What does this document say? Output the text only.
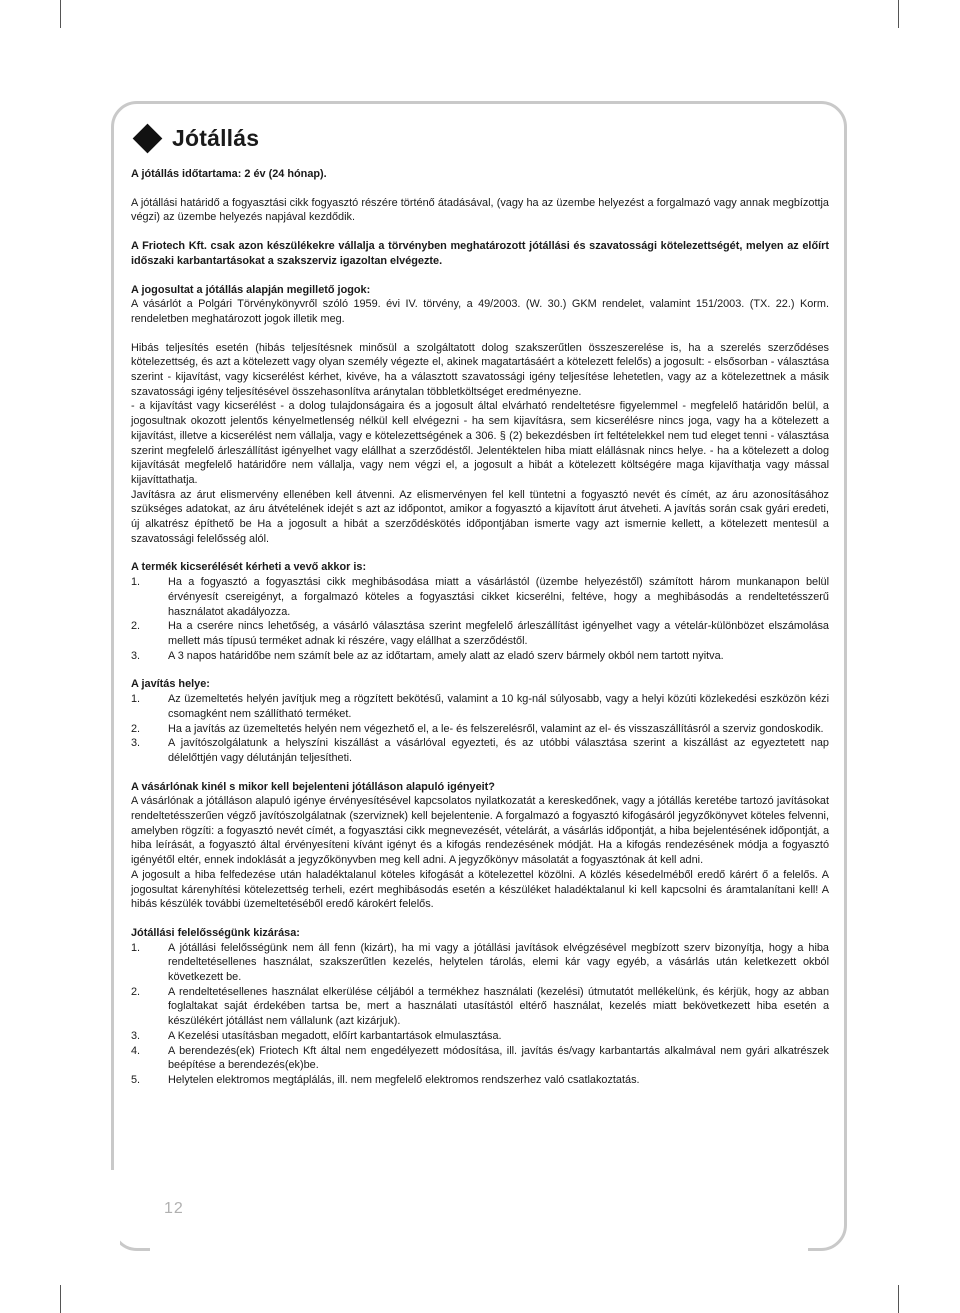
12
Jótállás

A jótállás időtartama: 2 év (24 hónap).

A jótállási határidő a fogyasztási cikk fogyasztó részére történő átadásával, (vagy ha az üzembe helyezést a forgalmazó vagy annak megbízottja végzi) az üzembe helyezés napjával kezdődik.

A Friotech Kft. csak azon készülékekre vállalja a törvényben meghatározott jótállási és szavatossági kötelezettségét, melyen az előírt időszaki karbantartásokat a szakszerviz igazoltan elvégezte.

A jogosultat a jótállás alapján megillető jogok:

A vásárlót a Polgári Törvénykönyvről szóló 1959. évi IV. törvény, a 49/2003. (W. 30.) GKM rendelet, valamint 151/2003. (TX. 22.) Korm. rendeletben meghatározott jogok illetik meg.

Hibás teljesítés esetén (hibás teljesítésnek minősül a szolgáltatott dolog szakszerűtlen összeszerelése is, ha a szerelés szerződéses kötelezettség, és azt a kötelezett vagy olyan személy végezte el, akinek magatartásáért a kötelezett felelős) a jogosult: - elsősorban - választása szerint - kijavítást, vagy kicserélést kérhet, kivéve, ha a választott szavatossági igény teljesítése lehetetlen, vagy az a kötelezettnek a másik szavatossági igény teljesítésével összehasonlítva aránytalan többletköltséget eredményezne.

- a kijavítást vagy kicserélést - a dolog tulajdonságaira és a jogosult által elvárható rendeltetésre figyelemmel - megfelelő határidőn belül, a jogosultnak okozott jelentős kényelmetlenség nélkül kell elvégezni - ha sem kijavításra, sem kicserélésre nincs joga, vagy ha a kötelezett a kijavítást, illetve a kicserélést nem vállalja, vagy e kötelezettségének a 306. § (2) bekezdésben írt feltételekkel nem tud eleget tenni - választása szerint megfelelő árleszállítást igényelhet vagy elállhat a szerződéstől. Jelentéktelen hiba miatt elállásnak nincs helye. - ha a kötelezett a dolog kijavítását megfelelő határidőre nem vállalja, vagy nem végzi el, a jogosult a hibát a kötelezett költségére maga kijavíthatja vagy mással kijavíttathatja.

Javításra az árut elismervény ellenében kell átvenni. Az elismervényen fel kell tüntetni a fogyasztó nevét és címét, az áru azonosításához szükséges adatokat, az áru átvételének idejét s azt az időpontot, amikor a fogyasztó a kijavított árut átveheti. A javítás során csak gyári eredeti, új alkatrész építhető be Ha a jogosult a hibát a szerződéskötés időpontjában ismerte vagy azt ismernie kellett, a kötelezett mentesül a szavatossági felelősség alól.

A termék kicserélését kérheti a vevő akkor is:

1.	Ha a fogyasztó a fogyasztási cikk meghibásodása miatt a vásárlástól (üzembe helyezéstől) számított három munkanapon belül érvényesít csereigényt, a forgalmazó köteles a fogyasztási cikket kicserélni, feltéve, hogy a meghibásodás a rendeltetésszerű használatot akadályozza.
2.	Ha a cserére nincs lehetőség, a vásárló választása szerint megfelelő árleszállítást igényelhet vagy a vételár-különbözet elszámolása mellett más típusú terméket adnak ki részére, vagy elállhat a szerződéstől.
3.	A 3 napos határidőbe nem számít bele az az időtartam, amely alatt az eladó szerv bármely okból nem tartott nyitva.

A javítás helye:

1.	Az üzemeltetés helyén javítjuk meg a rögzített bekötésű, valamint a 10 kg-nál súlyosabb, vagy a helyi közúti közlekedési eszközön kézi csomagként nem szállítható terméket.
2.	Ha a javítás az üzemeltetés helyén nem végezhető el, a le- és felszerelésről, valamint az el- és visszaszállításról a szerviz gondoskodik.
3.	A javítószolgálatunk a helyszíni kiszállást a vásárlóval egyezteti, és az utóbbi választása szerint a kiszállást az egyeztetett nap délelőttjén vagy délutánján teljesítheti.

A vásárlónak kinél s mikor kell bejelenteni jótálláson alapuló igényeit?

A vásárlónak a jótálláson alapuló igénye érvényesítésével kapcsolatos nyilatkozatát a kereskedőnek, vagy a jótállás keretébe tartozó javításokat rendeltetésszerűen végző javítószolgálatnak (szerviznek) kell bejelentenie. A forgalmazó a fogyasztó kifogásáról jegyzőkönyvet köteles felvenni, amelyben rögzíti: a fogyasztó nevét címét, a fogyasztási cikk megnevezését, vételárát, a vásárlás időpontját, a hiba bejelentésének időpontját, a hiba leírását, a fogyasztó által érvényesíteni kívánt igényt és a kifogás rendezésének módját. Ha a kifogás rendezésének módja a fogyasztó igényétől eltér, ennek indoklását a jegyzőkönyvben meg kell adni. A jegyzőkönyv másolatát a fogyasztónak át kell adni.

A jogosult a hiba felfedezése után haladéktalanul köteles kifogását a kötelezettel közölni. A közlés késedelméből eredő kárért ő a felelős. A jogosultat kárenyhítési kötelezettség terheli, ezért meghibásodás esetén a készüléket haladéktalanul ki kell kapcsolni és áramtalanítani kell! A hibás készülék további üzemeltetéséből eredő károkért felelős.

Jótállási felelősségünk kizárása:

1.	A jótállási felelősségünk nem áll fenn (kizárt), ha mi vagy a jótállási javítások elvégzésével megbízott szerv bizonyítja, hogy a hiba rendeltetésellenes használat, szakszerűtlen kezelés, helytelen tárolás, elemi kár vagy egyéb, a vásárlás után keletkezett okból következett be.
2.	A rendeltetésellenes használat elkerülése céljából a termékhez használati (kezelési) útmutatót mellékelünk, és kérjük, hogy az abban foglaltakat saját érdekében tartsa be, mert a használati utasítástól eltérő használat, kezelés miatt bekövetkezett hiba esetén a készülékért jótállást nem vállalunk (azt kizárjuk).
3.	A Kezelési utasításban megadott, előírt karbantartások elmulasztása.
4.	A berendezés(ek) Friotech Kft által nem engedélyezett módosítása, ill. javítás és/vagy karbantartás alkalmával nem gyári alkatrészek beépítése a berendezés(ek)be.
5.	Helytelen elektromos megtáplálás, ill. nem megfelelő elektromos rendszerhez való csatlakoztatás.
